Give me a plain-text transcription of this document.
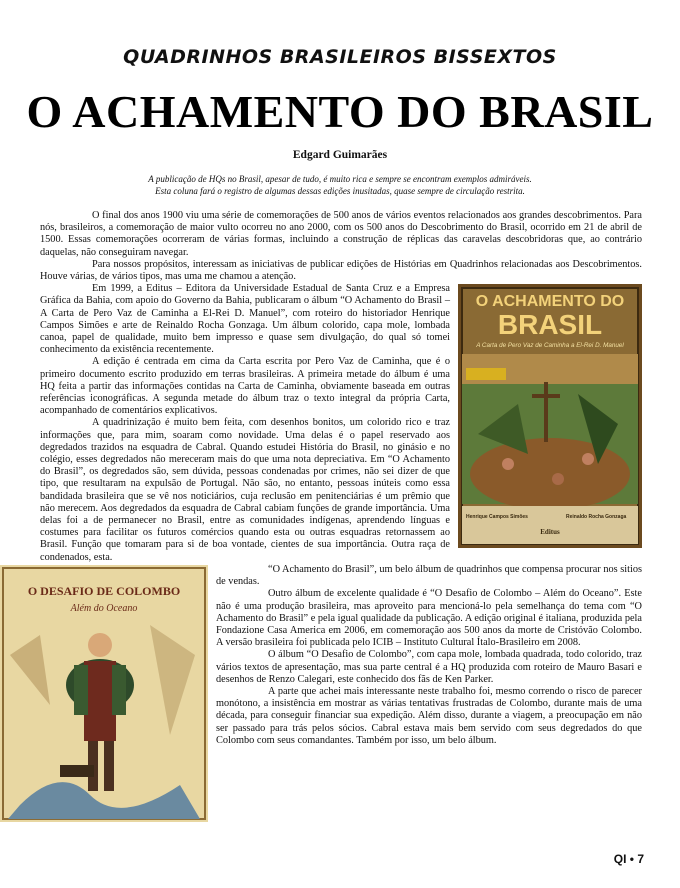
QUADRINHOS BRASILEIROS BISSEXTOS
O ACHAMENTO DO BRASIL
Edgard Guimarães

A publicação de HQs no Brasil, apesar de tudo, é muito rica e sempre se encontram exemplos admiráveis.

Esta coluna fará o registro de algumas dessas edições inusitadas, quase sempre de circulação restrita.

O final dos anos 1900 viu uma série de comemorações de 500 anos de vários eventos relacionados aos grandes descobrimentos. Para nós, brasileiros, a comemoração de maior vulto ocorreu no ano 2000, com os 500 anos do Descobrimento do Brasil, ocorrido em 21 de abril de 1500. Essas comemorações ocorreram de várias formas, incluindo a construção de réplicas das caravelas descobridoras que, ao contrário daquelas, não conseguiram navegar.

Para nossos propósitos, interessam as iniciativas de publicar edições de Histórias em Quadrinhos relacionadas aos Descobrimentos. Houve várias, de vários tipos, mas uma me chamou a atenção.

O ACHAMENTO DO
BRASIL
A Carta de Pero Vaz de Caminha a El-Rei D. Manuel
Henrique Campos Simões	Reinaldo Rocha Gonzaga
Editus

Em 1999, a Editus – Editora da Universidade Estadual de Santa Cruz e a Empresa Gráfica da Bahia, com apoio do Governo da Bahia, publicaram o álbum “O Achamento do Brasil – A Carta de Pero Vaz de Caminha a El-Rei D. Manuel”, com roteiro do historiador Henrique Campos Simões e arte de Reinaldo Rocha Gonzaga. Um álbum colorido, capa mole, lombada canoa, papel de qualidade, muito bem impresso e quase sem divulgação, do qual só tomei conhecimento da existência recentemente.

A edição é centrada em cima da Carta escrita por Pero Vaz de Caminha, que é o primeiro documento escrito produzido em terras brasileiras. A primeira metade do álbum é uma HQ feita a partir das informações contidas na Carta de Caminha, obviamente baseada em outras referências iconográficas. A segunda metade do álbum traz o texto integral da própria Carta, acompanhado de comentários explicativos.

A quadrinização é muito bem feita, com desenhos bonitos, um colorido rico e traz informações que, para mim, soaram como novidade. Uma delas é o papel reservado aos degredados trazidos na esquadra de Cabral. Quando estudei História do Brasil, no ginásio e no colégio, esses degredados não mereceram mais do que uma nota depreciativa. Em “O Achamento do Brasil”, os degredados são, sem dúvida, pessoas condenadas por crimes, não sei dizer de que tipo, que resultaram na expulsão de Portugal. Não são, no entanto, pessoas inúteis como essa bandidada brasileira que se vê nos noticiários, cuja reclusão em penitenciárias é um prêmio que não merecem. Aos degredados da esquadra de Cabral cabiam funções de grande importância. Uma delas foi a de permanecer no Brasil, entre as comunidades indígenas, aprendendo línguas e costumes para facilitar os futuros comércios quando esta ou outras esquadras retornassem ao Brasil. Função que tomaram para si de boa vontade, cientes de sua importância. Outra raça de condenados, esta.

O DESAFIO DE COLOMBO
Além do Oceano

“O Achamento do Brasil”, um belo álbum de quadrinhos que compensa procurar nos sitios de vendas.

Outro álbum de excelente qualidade é “O Desafio de Colombo – Além do Oceano”. Este não é uma produção brasileira, mas aproveito para mencioná-lo pela semelhança do tema com “O Achamento do Brasil” e pela igual qualidade da publicação. A edição original é italiana, produzida pela Fondazione Casa America em 2006, em comemoração aos 500 anos da morte de Cristóvão Colombo. A versão brasileira foi publicada pelo ICIB – Instituto Cultural Ítalo-Brasileiro em 2008.

O álbum “O Desafio de Colombo”, com capa mole, lombada quadrada, todo colorido, traz vários textos de apresentação, mas sua parte central é a HQ produzida com roteiro de Mauro Basari e desenhos de Renzo Calegari, este conhecido dos fãs de Ken Parker.

A parte que achei mais interessante neste trabalho foi, mesmo correndo o risco de parecer monótono, a insistência em mostrar as várias tentativas frustradas de Colombo, durante mais de uma década, para conseguir financiar sua expedição. Além disso, durante a viagem, a preocupação em não ser passado para trás pelos sócios. Cabral estava mais bem servido com seus degredados do que Colombo com seus comandantes. Também por isso, um belo álbum.

QI • 7
